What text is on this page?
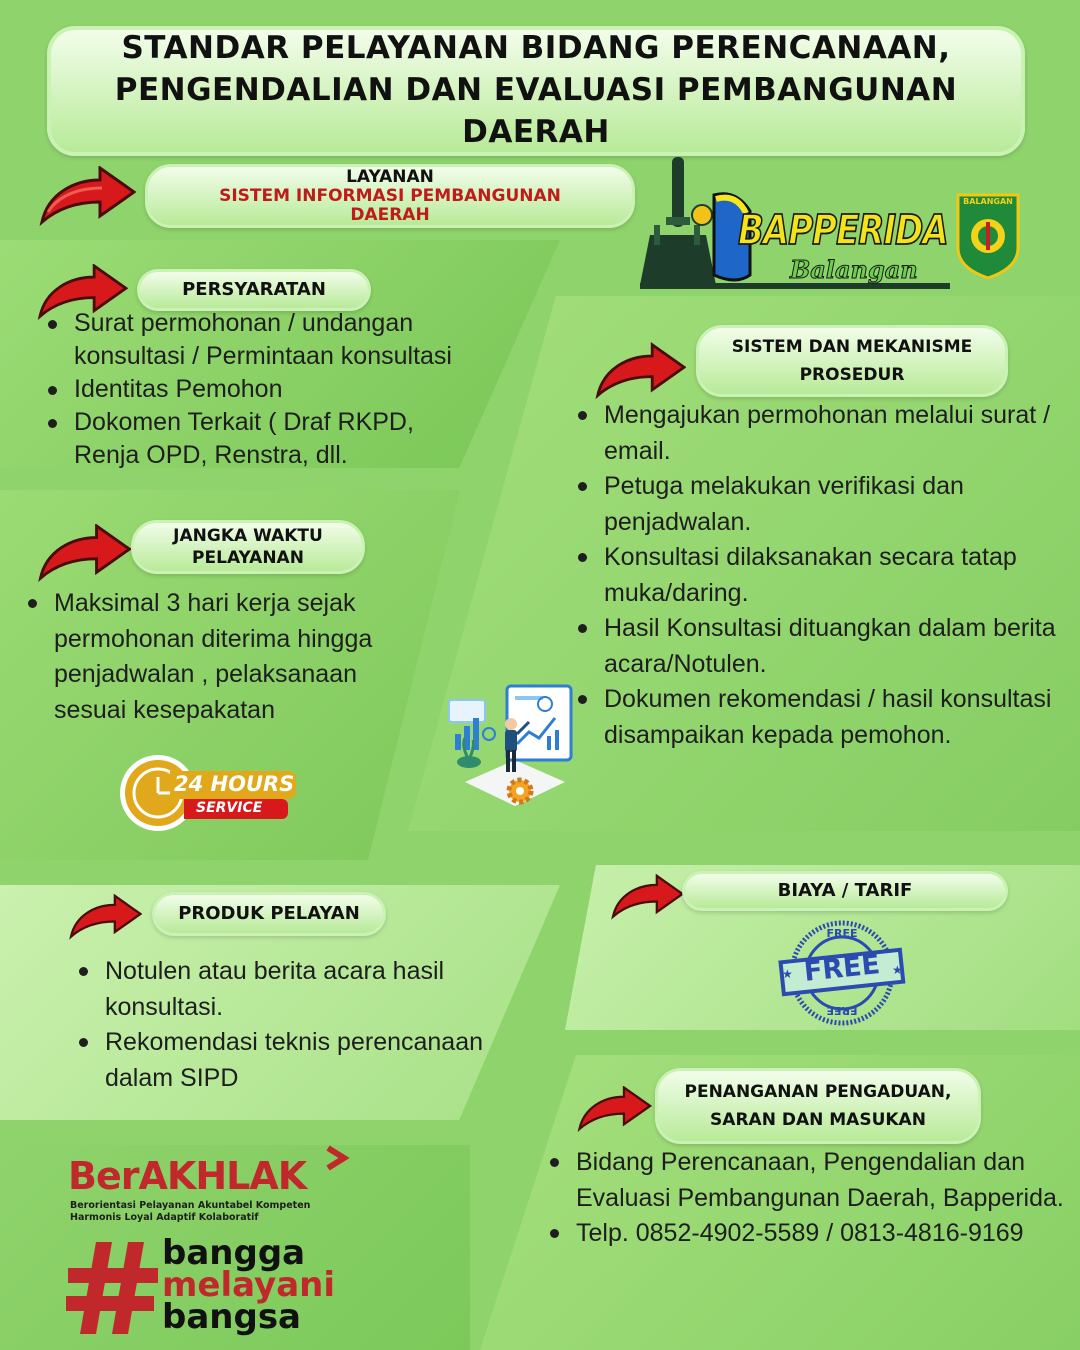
STANDAR PELAYANAN BIDANG PERENCANAAN,
PENGENDALIAN DAN EVALUASI PEMBANGUNAN
DAERAH
LAYANAN
SISTEM INFORMASI PEMBANGUNAN
DAERAH	BAPPERIDA
Balangan
BALANGAN
PERSYARATAN
Surat permohonan / undangan konsultasi / Permintaan konsultasi
Identitas Pemohon
Dokomen Terkait ( Draf RKPD, Renja OPD, Renstra, dll.
SISTEM DAN MEKANISME
PROSEDUR
Mengajukan permohonan melalui surat / email.
Petuga melakukan verifikasi dan penjadwalan.
Konsultasi dilaksanakan secara tatap muka/daring.
Hasil Konsultasi dituangkan dalam berita acara/Notulen.
Dokumen rekomendasi / hasil konsultasi disampaikan kepada pemohon.
JANGKA WAKTU
PELAYANAN
Maksimal 3 hari kerja sejak permohonan diterima hingga penjadwalan , pelaksanaan sesuai kesepakatan
24 HOURS
SERVICE
PRODUK PELAYAN
Notulen atau berita acara hasil konsultasi.
Rekomendasi teknis perencanaan dalam SIPD
BIAYA / TARIF
★	★
FREE
FREE
FREE
PENANGANAN PENGADUAN,
SARAN DAN MASUKAN
Bidang Perencanaan, Pengendalian dan Evaluasi Pembangunan Daerah, Bapperida.
Telp. 0852-4902-5589 / 0813-4816-9169
BerAKHLAK
Berorientasi Pelayanan Akuntabel Kompeten
Harmonis Loyal Adaptif Kolaboratif
bangga
melayani
bangsa
